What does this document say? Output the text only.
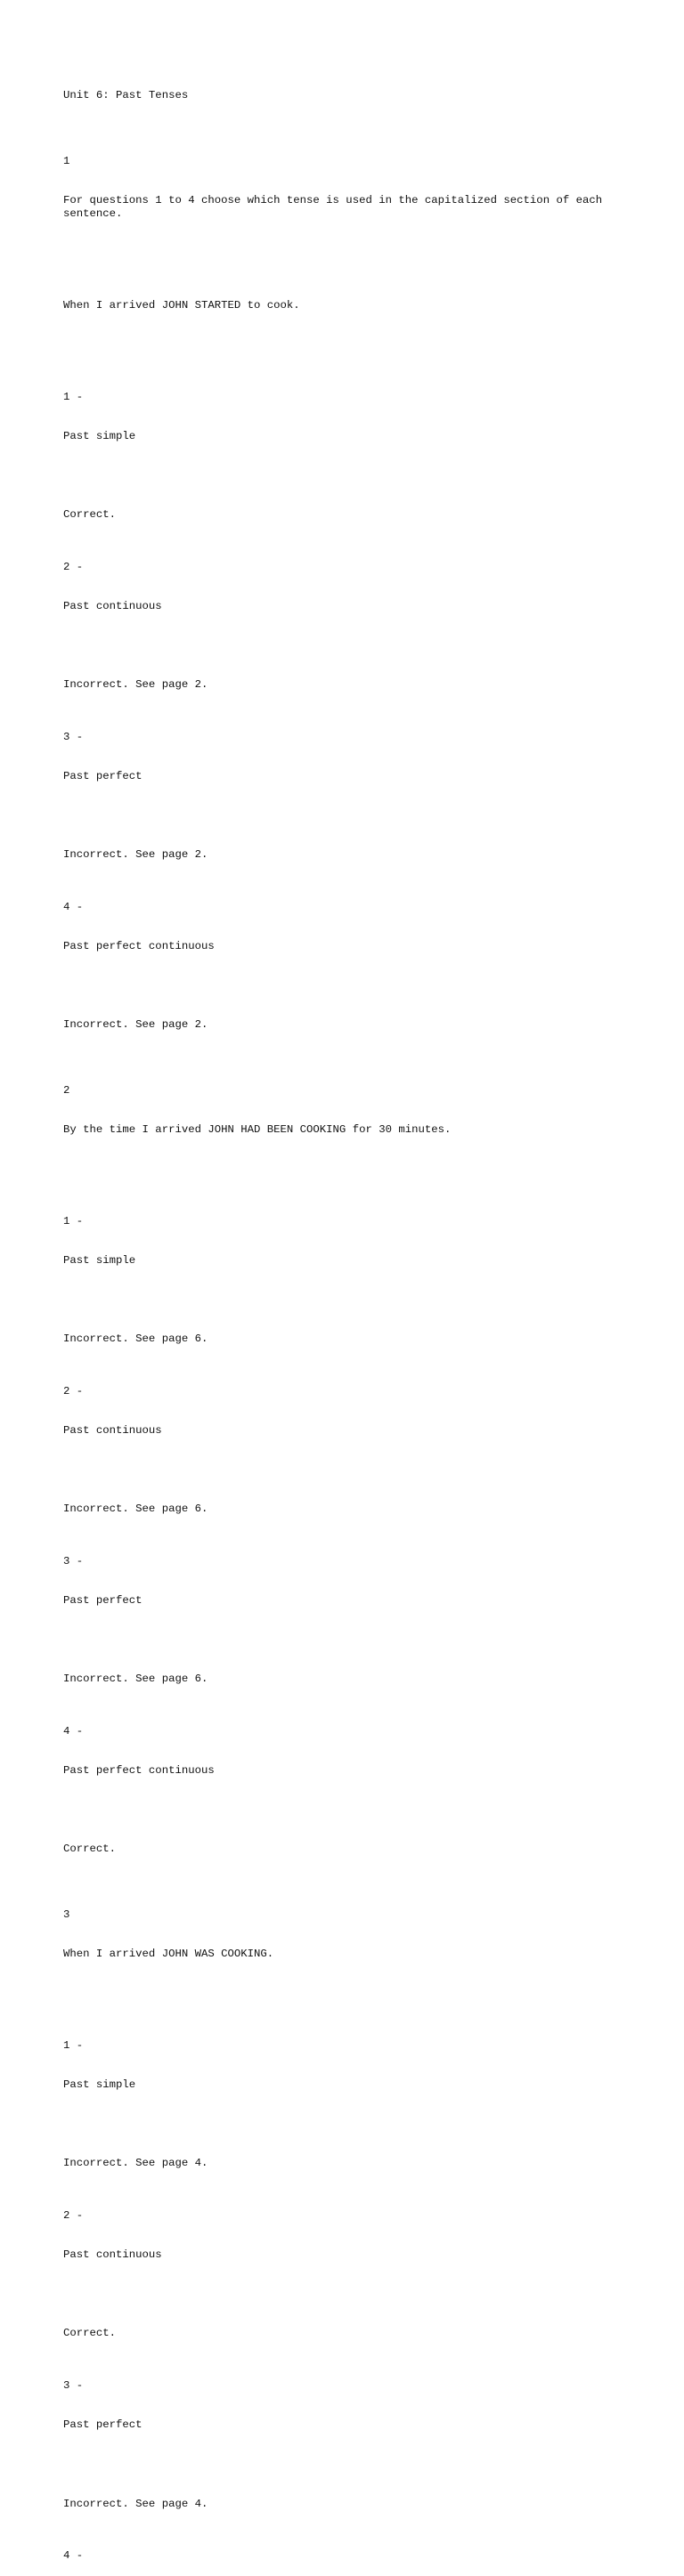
Unit 6: Past Tenses

1

For questions 1 to 4 choose which tense is used in the capitalized section of each sentence.

When I arrived JOHN STARTED to cook.

1 -

Past simple

Correct.

2 -

Past continuous

Incorrect. See page 2.

3 -

Past perfect

Incorrect. See page 2.

4 -

Past perfect continuous

Incorrect. See page 2.

2

By the time I arrived JOHN HAD BEEN COOKING for 30 minutes.

1 -

Past simple

Incorrect. See page 6.

2 -

Past continuous

Incorrect. See page 6.

3 -

Past perfect

Incorrect. See page 6.

4 -

Past perfect continuous

Correct.

3

When I arrived JOHN WAS COOKING.

1 -

Past simple

Incorrect. See page 4.

2 -

Past continuous

Correct.

3 -

Past perfect

Incorrect. See page 4.

4 -
